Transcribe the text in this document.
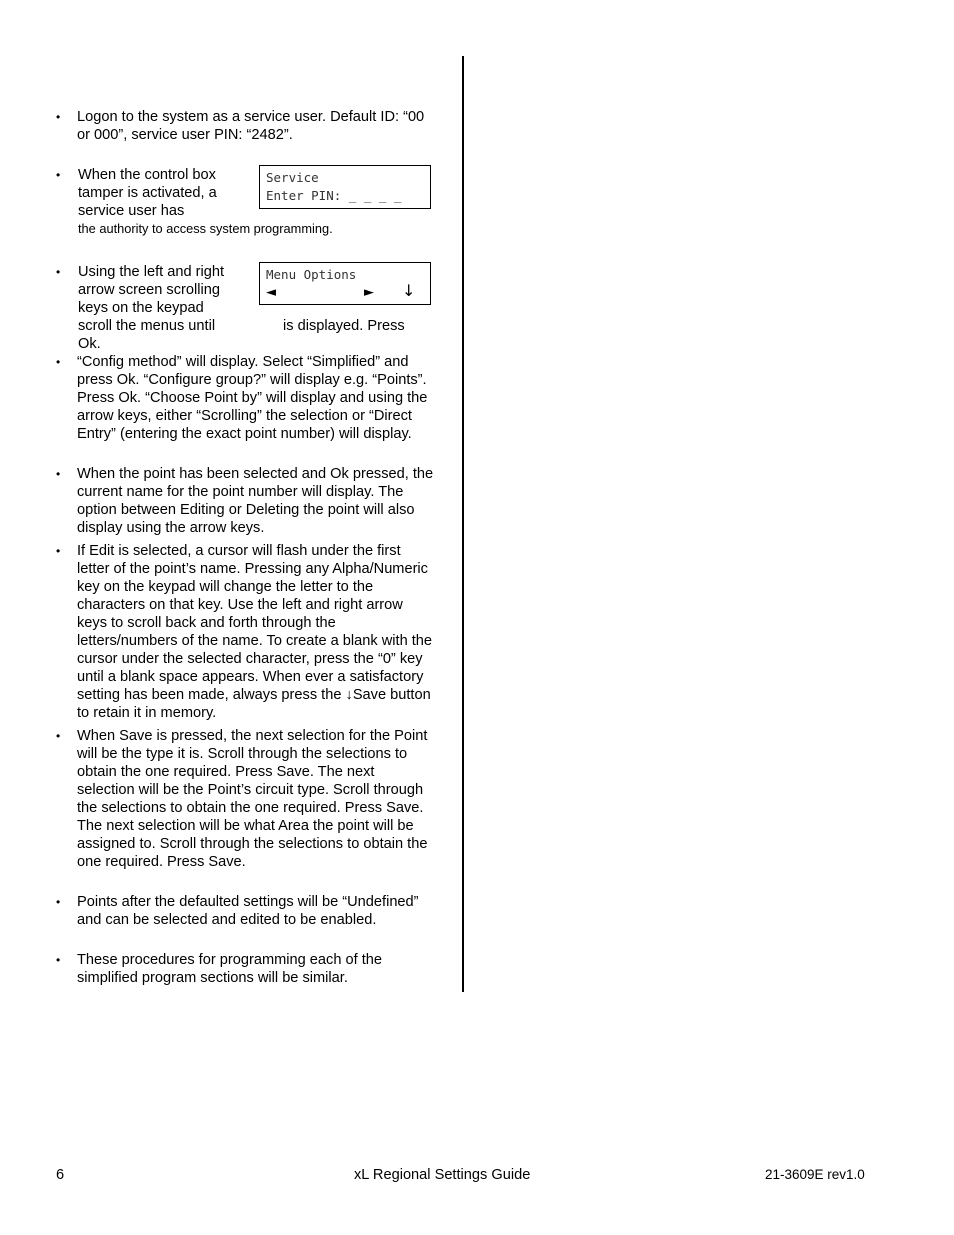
• Logon to the system as a service user. Default ID: “00 or 000”, service user PIN: “2482”.
• When the control box tamper is activated, a service user has
Service
Enter PIN: _ _ _ _
the authority to access system programming.
• Using the left and right arrow screen scrolling keys on the keypad scroll the menus until Ok.
Menu Options
◄	► ↓
is displayed. Press
• “Config method” will display. Select “Simplified” and press Ok. “Configure group?” will display e.g. “Points”. Press Ok. “Choose Point by” will display and using the arrow keys, either “Scrolling” the selection or “Direct Entry” (entering the exact point number) will display.
• When the point has been selected and Ok pressed, the current name for the point number will display. The option between Editing or Deleting the point will also display using the arrow keys.
• If Edit is selected, a cursor will flash under the first letter of the point’s name. Pressing any Alpha/Numeric key on the keypad will change the letter to the characters on that key. Use the left and right arrow keys to scroll back and forth through the letters/numbers of the name. To create a blank with the cursor under the selected character, press the “0” key until a blank space appears. When ever a satisfactory setting has been made, always press the ↓Save button to retain it in memory.
• When Save is pressed, the next selection for the Point will be the type it is. Scroll through the selections to obtain the one required. Press Save. The next selection will be the Point’s circuit type. Scroll through the selections to obtain the one required. Press Save. The next selection will be what Area the point will be assigned to. Scroll through the selections to obtain the one required. Press Save.
• Points after the defaulted settings will be “Undefined” and can be selected and edited to be enabled.
• These procedures for programming each of the simplified program sections will be similar.
6	xL Regional Settings Guide	21-3609E rev1.0
